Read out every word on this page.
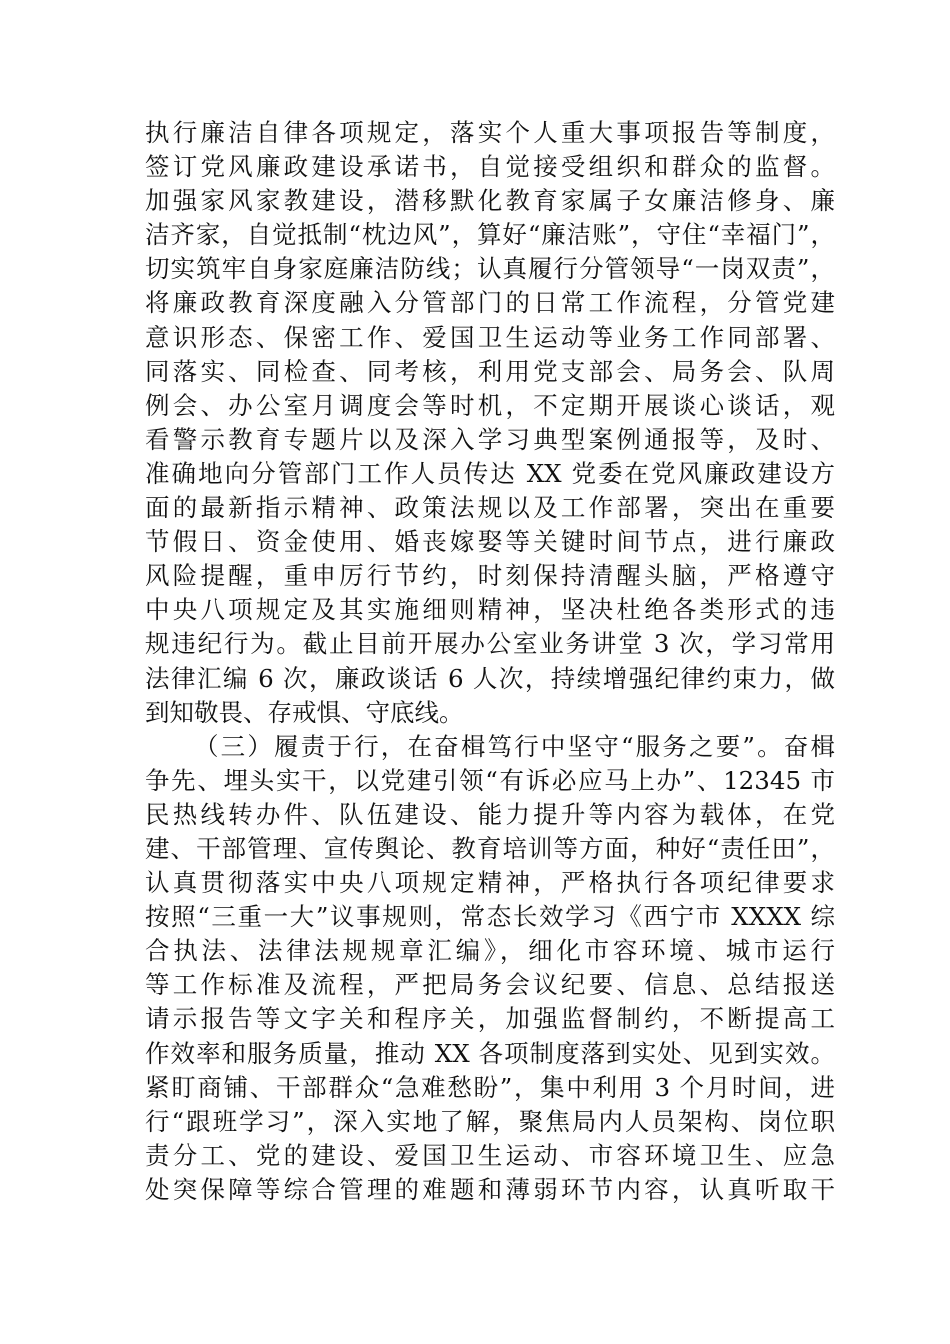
执行廉洁自律各项规定，落实个人重大事项报告等制度，
签订党风廉政建设承诺书，自觉接受组织和群众的监督。
加强家风家教建设，潜移默化教育家属子女廉洁修身、廉
洁齐家，自觉抵制“枕边风”，算好“廉洁账”，守住“幸福门”，
切实筑牢自身家庭廉洁防线；认真履行分管领导“一岗双责”，
将廉政教育深度融入分管部门的日常工作流程，分管党建
意识形态、保密工作、爱国卫生运动等业务工作同部署、
同落实、同检查、同考核，利用党支部会、局务会、队周
例会、办公室月调度会等时机，不定期开展谈心谈话，观
看警示教育专题片以及深入学习典型案例通报等，及时、
准确地向分管部门工作人员传达 XX 党委在党风廉政建设方
面的最新指示精神、政策法规以及工作部署，突出在重要
节假日、资金使用、婚丧嫁娶等关键时间节点，进行廉政
风险提醒，重申厉行节约，时刻保持清醒头脑，严格遵守
中央八项规定及其实施细则精神，坚决杜绝各类形式的违
规违纪行为。截止目前开展办公室业务讲堂 3 次，学习常用
法律汇编 6 次，廉政谈话 6 人次，持续增强纪律约束力，做
到知敬畏、存戒惧、守底线。
（三）履责于行，在奋楫笃行中坚守“服务之要”。奋楫
争先、埋头实干，以党建引领“有诉必应马上办”、12345 市
民热线转办件、队伍建设、能力提升等内容为载体，在党
建、干部管理、宣传舆论、教育培训等方面，种好“责任田”，
认真贯彻落实中央八项规定精神，严格执行各项纪律要求
按照“三重一大”议事规则，常态长效学习《西宁市 XXXX 综
合执法、法律法规规章汇编》，细化市容环境、城市运行
等工作标准及流程，严把局务会议纪要、信息、总结报送
请示报告等文字关和程序关，加强监督制约，不断提高工
作效率和服务质量，推动 XX 各项制度落到实处、见到实效。
紧盯商铺、干部群众“急难愁盼”，集中利用 3 个月时间，进
行“跟班学习”，深入实地了解，聚焦局内人员架构、岗位职
责分工、党的建设、爱国卫生运动、市容环境卫生、应急
处突保障等综合管理的难题和薄弱环节内容，认真听取干
